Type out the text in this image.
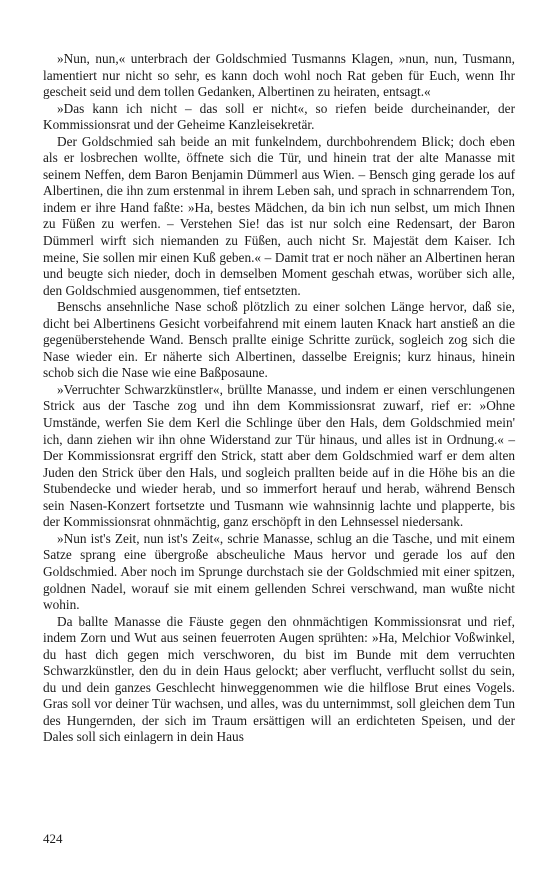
»Nun, nun,« unterbrach der Goldschmied Tusmanns Klagen, »nun, nun, Tusmann, lamentiert nur nicht so sehr, es kann doch wohl noch Rat geben für Euch, wenn Ihr gescheit seid und dem tollen Gedanken, Albertinen zu heiraten, entsagt.«

»Das kann ich nicht – das soll er nicht«, so riefen beide durcheinander, der Kommissionsrat und der Geheime Kanzleisekretär.

Der Goldschmied sah beide an mit funkelndem, durchbohrendem Blick; doch eben als er losbrechen wollte, öffnete sich die Tür, und hinein trat der alte Manasse mit seinem Neffen, dem Baron Benjamin Dümmerl aus Wien. – Bensch ging gerade los auf Albertinen, die ihn zum erstenmal in ihrem Leben sah, und sprach in schnarrendem Ton, indem er ihre Hand faßte: »Ha, bestes Mädchen, da bin ich nun selbst, um mich Ihnen zu Füßen zu werfen. – Verstehen Sie! das ist nur solch eine Redensart, der Baron Dümmerl wirft sich niemanden zu Füßen, auch nicht Sr. Majestät dem Kaiser. Ich meine, Sie sollen mir einen Kuß geben.« – Damit trat er noch näher an Albertinen heran und beugte sich nieder, doch in demselben Moment geschah etwas, worüber sich alle, den Goldschmied ausgenommen, tief entsetzten.

Benschs ansehnliche Nase schoß plötzlich zu einer solchen Länge hervor, daß sie, dicht bei Albertinens Gesicht vorbeifahrend mit einem lauten Knack hart anstieß an die gegenüberstehende Wand. Bensch prallte einige Schritte zurück, sogleich zog sich die Nase wieder ein. Er näherte sich Albertinen, dasselbe Ereignis; kurz hinaus, hinein schob sich die Nase wie eine Baßposaune.

»Verruchter Schwarzkünstler«, brüllte Manasse, und indem er einen verschlungenen Strick aus der Tasche zog und ihn dem Kommissionsrat zuwarf, rief er: »Ohne Umstände, werfen Sie dem Kerl die Schlinge über den Hals, dem Goldschmied mein' ich, dann ziehen wir ihn ohne Widerstand zur Tür hinaus, und alles ist in Ordnung.« – Der Kommissionsrat ergriff den Strick, statt aber dem Goldschmied warf er dem alten Juden den Strick über den Hals, und sogleich prallten beide auf in die Höhe bis an die Stubendecke und wieder herab, und so immerfort herauf und herab, während Bensch sein Nasen-Konzert fortsetzte und Tusmann wie wahnsinnig lachte und plapperte, bis der Kommissionsrat ohnmächtig, ganz erschöpft in den Lehnsessel niedersank.

»Nun ist's Zeit, nun ist's Zeit«, schrie Manasse, schlug an die Tasche, und mit einem Satze sprang eine übergroße abscheuliche Maus hervor und gerade los auf den Goldschmied. Aber noch im Sprunge durchstach sie der Goldschmied mit einer spitzen, goldnen Nadel, worauf sie mit einem gellenden Schrei verschwand, man wußte nicht wohin.

Da ballte Manasse die Fäuste gegen den ohnmächtigen Kommissionsrat und rief, indem Zorn und Wut aus seinen feuerroten Augen sprühten: »Ha, Melchior Voßwinkel, du hast dich gegen mich verschworen, du bist im Bunde mit dem verruchten Schwarzkünstler, den du in dein Haus gelockt; aber verflucht, verflucht sollst du sein, du und dein ganzes Geschlecht hinweggenommen wie die hilflose Brut eines Vogels. Gras soll vor deiner Tür wachsen, und alles, was du unternimmst, soll gleichen dem Tun des Hungernden, der sich im Traum ersättigen will an erdichteten Speisen, und der Dales soll sich einlagern in dein Haus

424
